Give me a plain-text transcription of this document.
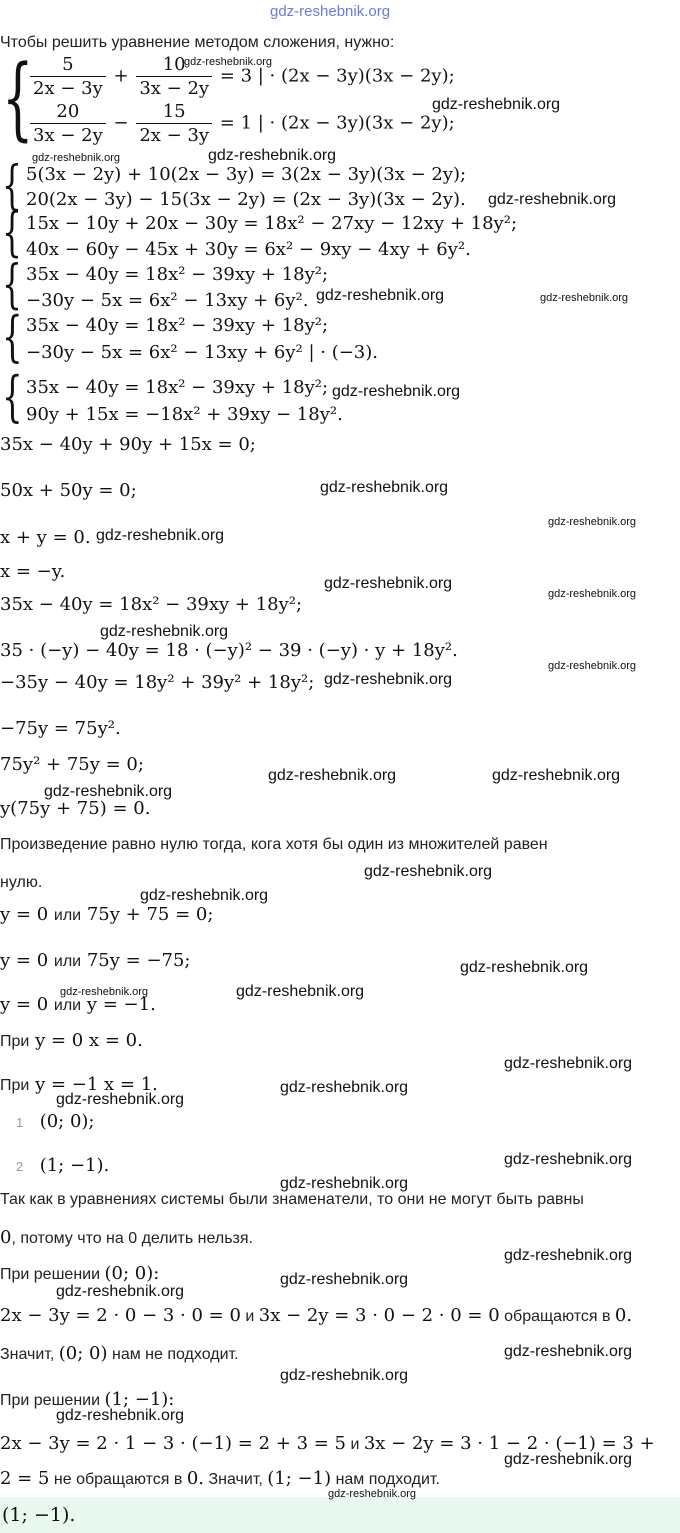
gdz-reshebnik.org
Чтобы решить уравнение методом сложения, нужно:
{
$\frac{5}{2x - 3y} + \frac{10}{3x - 2y} = 3$ | · (2x − 3y)(3x − 2y);
$\frac{20}{3x - 2y} - \frac{15}{2x - 3y} = 1$ | · (2x − 3y)(3x − 2y);
{ 5(3x − 2y) + 10(2x − 3y) = 3(2x − 3y)(3x − 2y);
20(2x − 3y) − 15(3x − 2y) = (2x − 3y)(3x − 2y).
{ 15x − 10y + 20x − 30y = 18x² − 27xy − 12xy + 18y²;
40x − 60y − 45x + 30y = 6x² − 9xy − 4xy + 6y².
{ 35x − 40y = 18x² − 39xy + 18y²;
−30y − 5x = 6x² − 13xy + 6y².
{ 35x − 40y = 18x² − 39xy + 18y²;
−30y − 5x = 6x² − 13xy + 6y² | · (−3).
{ 35x − 40y = 18x² − 39xy + 18y²;
90y + 15x = −18x² + 39xy − 18y².
35x − 40y + 90y + 15x = 0;
50x + 50y = 0;
x + y = 0.
x = −y.
35x − 40y = 18x² − 39xy + 18y²;
35 · (−y) − 40y = 18 · (−y)² − 39 · (−y) · y + 18y².
−35y − 40y = 18y² + 39y² + 18y²;
−75y = 75y².
75y² + 75y = 0;
y(75y + 75) = 0.
Произведение равно нулю тогда, кога хотя бы один из множителей равен
нулю.
y = 0 или 75y + 75 = 0;
y = 0 или 75y = −75;
y = 0 или y = −1.
При y = 0 x = 0.
При y = −1 x = 1.
1 (0; 0);
2 (1; −1).
Так как в уравнениях системы были знаменатели, то они не могут быть равны
0, потому что на 0 делить нельзя.
При решении (0; 0):
2x − 3y = 2 · 0 − 3 · 0 = 0 и 3x − 2y = 3 · 0 − 2 · 0 = 0 обращаются в 0.
Значит, (0; 0) нам не подходит.
При решении (1; −1):
2x − 3y = 2 · 1 − 3 · (−1) = 2 + 3 = 5 и 3x − 2y = 3 · 1 − 2 · (−1) = 3 +
2 = 5 не обращаются в 0. Значит, (1; −1) нам подходит.
(1; −1).
gdz-reshebnik.org
gdz-reshebnik.org
gdz-reshebnik.org	gdz-reshebnik.org
gdz-reshebnik.org
gdz-reshebnik.org	gdz-reshebnik.org
gdz-reshebnik.org
gdz-reshebnik.org
gdz-reshebnik.org
gdz-reshebnik.org
gdz-reshebnik.org
gdz-reshebnik.org
gdz-reshebnik.org
gdz-reshebnik.org
gdz-reshebnik.org
gdz-reshebnik.org	gdz-reshebnik.org
gdz-reshebnik.org
gdz-reshebnik.org
gdz-reshebnik.org
gdz-reshebnik.org
gdz-reshebnik.org	gdz-reshebnik.org
gdz-reshebnik.org
gdz-reshebnik.org
gdz-reshebnik.org
gdz-reshebnik.org
gdz-reshebnik.org
gdz-reshebnik.org
gdz-reshebnik.org
gdz-reshebnik.org
gdz-reshebnik.org
gdz-reshebnik.org
gdz-reshebnik.org
gdz-reshebnik.org
gdz-reshebnik.org
